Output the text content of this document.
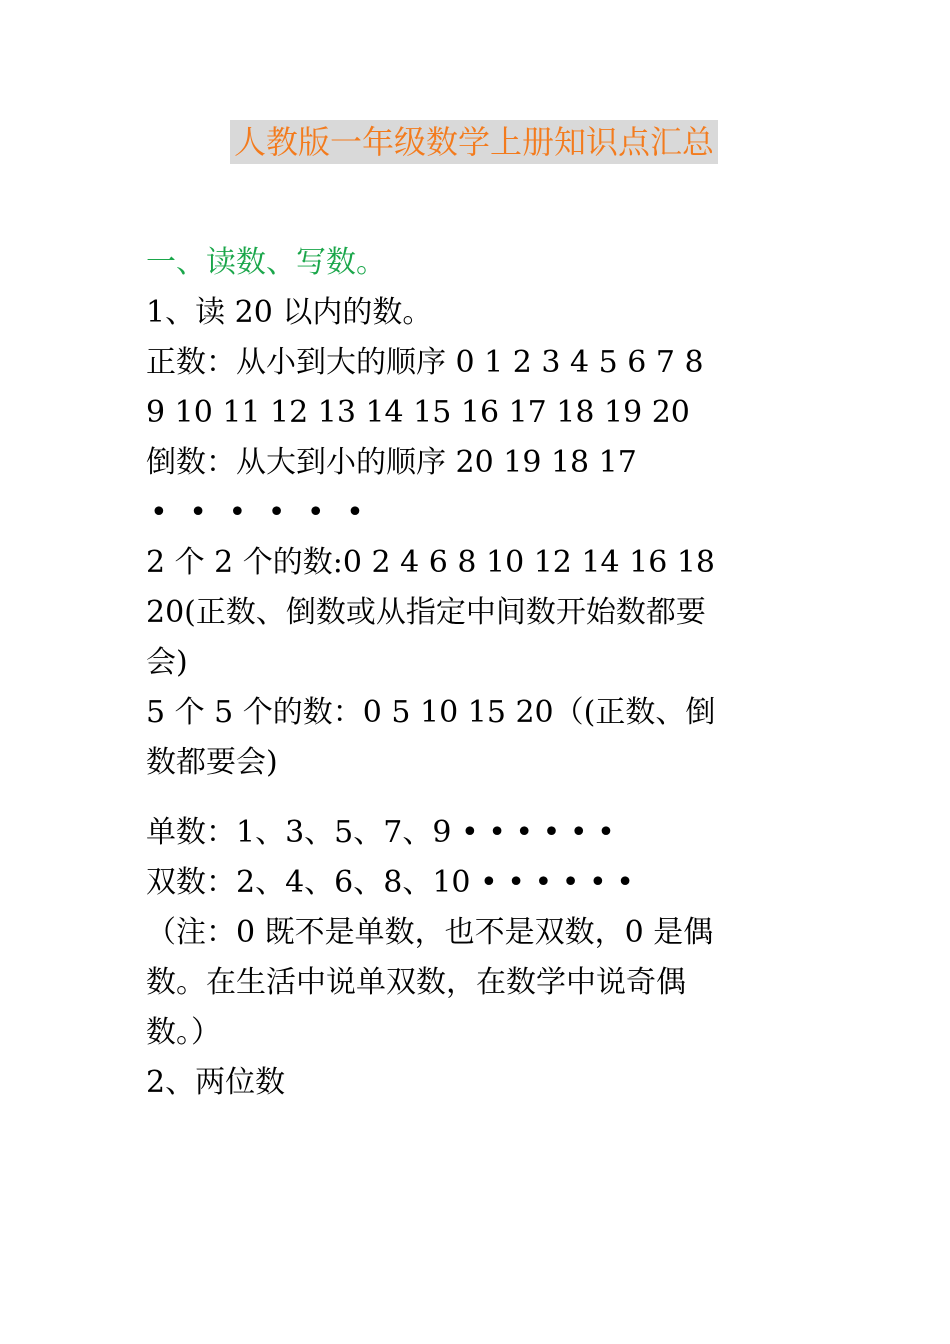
人教版一年级数学上册知识点汇总
一、读数、写数。
1、读 20 以内的数。
正数：从小到大的顺序 0 1 2 3 4 5 6 7 8
9 10 11 12 13 14 15 16 17 18 19 20
倒数：从大到小的顺序 20 19 18 17
• • • • • •
2 个 2 个的数:0 2 4 6 8 10 12 14 16 18
20(正数、倒数或从指定中间数开始数都要
会)
5 个 5 个的数：0 5 10 15 20（(正数、倒
数都要会)
单数：1、3、5、7、9 • • • • • •
双数：2、4、6、8、10 • • • • • •
（注：0 既不是单数，也不是双数，0 是偶
数。在生活中说单双数，在数学中说奇偶
数。）
2、两位数
